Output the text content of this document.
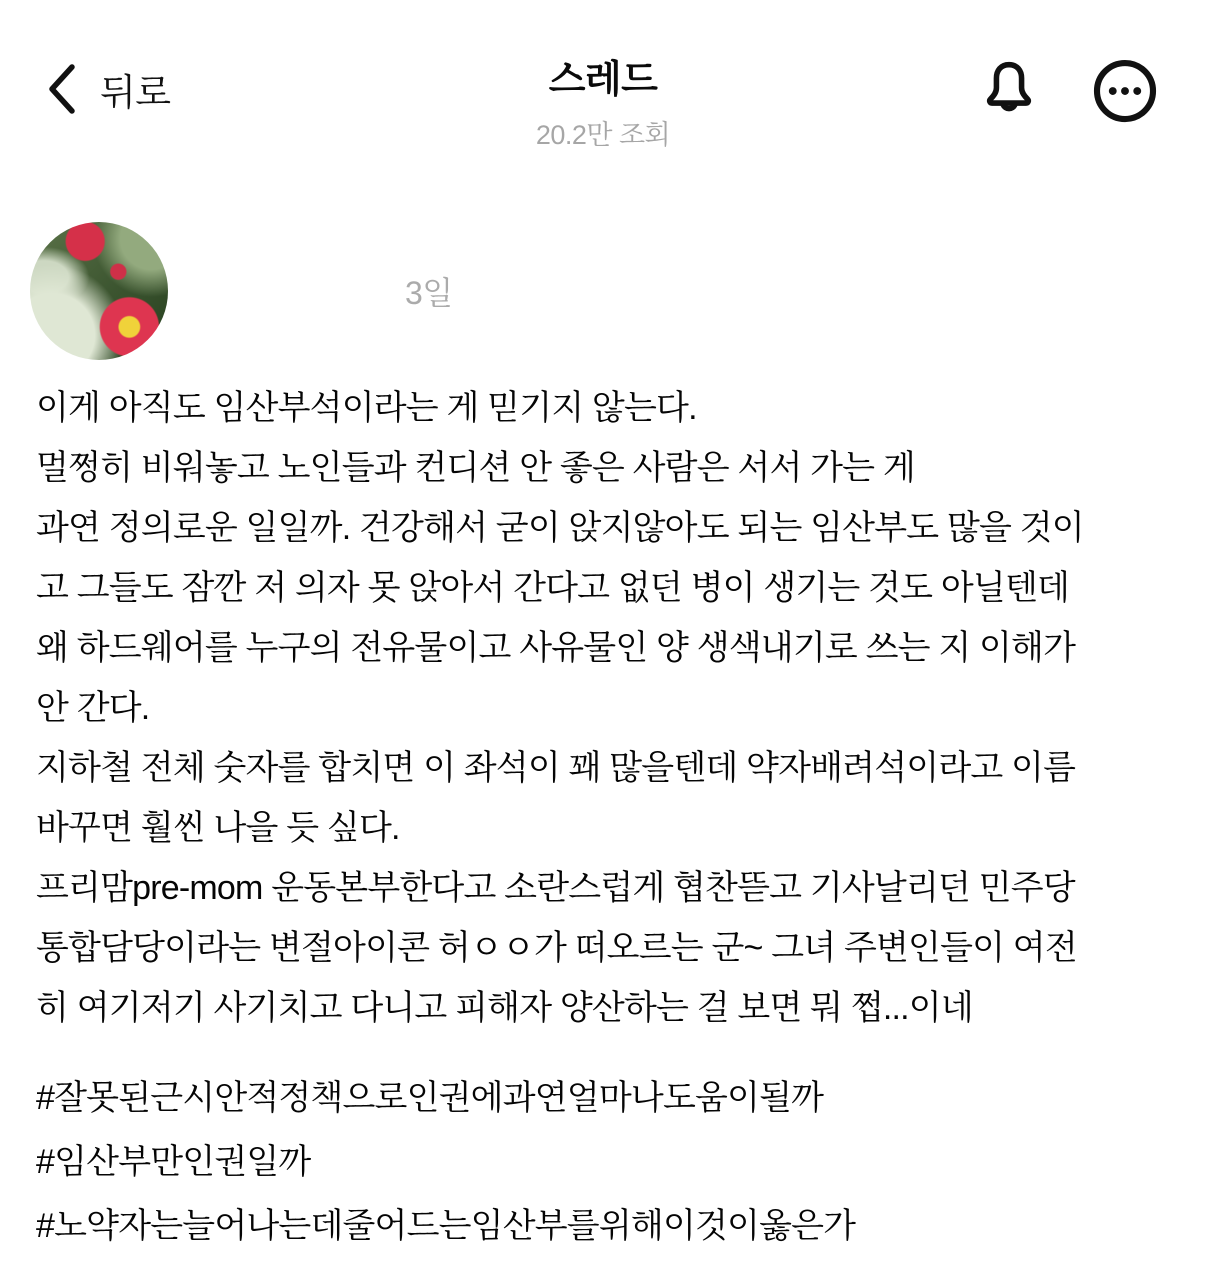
뒤로	스레드
20.2만 조회
3일
이게 아직도 임산부석이라는 게 믿기지 않는다.
멀쩡히 비워놓고 노인들과 컨디션 안 좋은 사람은 서서 가는 게
과연 정의로운 일일까. 건강해서 굳이 앉지않아도 되는 임산부도 많을 것이
고 그들도 잠깐 저 의자 못 앉아서 간다고 없던 병이 생기는 것도 아닐텐데
왜 하드웨어를 누구의 전유물이고 사유물인 양 생색내기로 쓰는 지 이해가
안 간다.
지하철 전체 숫자를 합치면 이 좌석이 꽤 많을텐데 약자배려석이라고 이름
바꾸면 훨씬 나을 듯 싶다.
프리맘pre-mom 운동본부한다고 소란스럽게 협찬뜯고 기사날리던 민주당
통합담당이라는 변절아이콘 허ㅇㅇ가 떠오르는 군~ 그녀 주변인들이 여전
히 여기저기 사기치고 다니고 피해자 양산하는 걸 보면 뭐 쩝...이네
#잘못된근시안적정책으로인권에과연얼마나도움이될까
#임산부만인권일까
#노약자는늘어나는데줄어드는임산부를위해이것이옳은가
